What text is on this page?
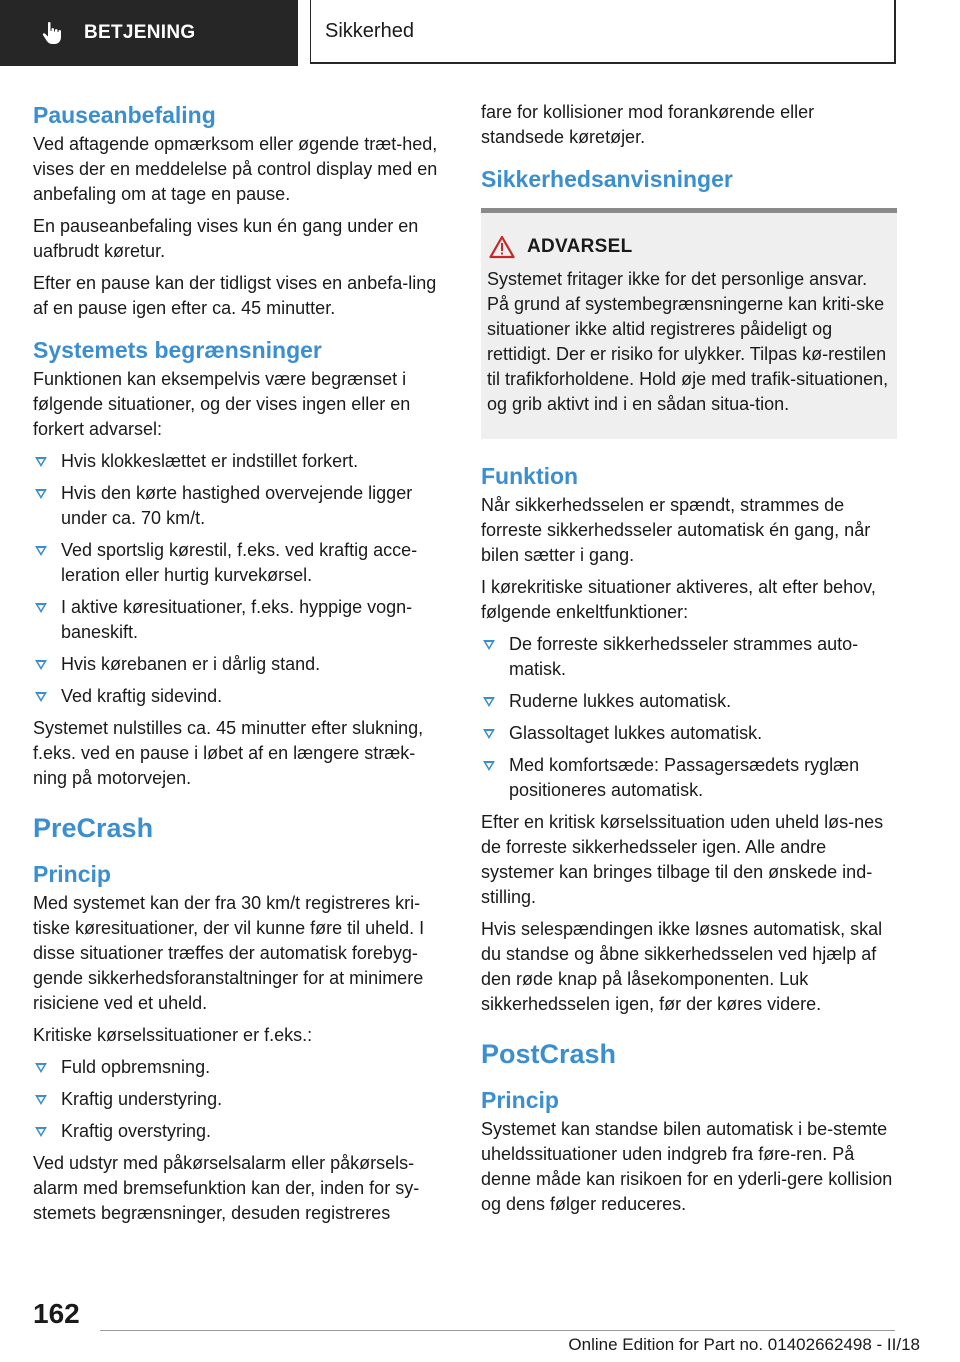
BETJENING	Sikkerhed
Pauseanbefaling

Ved aftagende opmærksom eller øgende træt-hed, vises der en meddelelse på control display med en anbefaling om at tage en pause.

En pauseanbefaling vises kun én gang under en uafbrudt køretur.

Efter en pause kan der tidligst vises en anbefa-ling af en pause igen efter ca. 45 minutter.

Systemets begrænsninger

Funktionen kan eksempelvis være begrænset i følgende situationer, og der vises ingen eller en forkert advarsel:

Hvis klokkeslættet er indstillet forkert.
Hvis den kørte hastighed overvejende ligger under ca. 70 km/t.
Ved sportslig kørestil, f.eks. ved kraftig acce-leration eller hurtig kurvekørsel.
I aktive køresituationer, f.eks. hyppige vogn-baneskift.
Hvis kørebanen er i dårlig stand.
Ved kraftig sidevind.

Systemet nulstilles ca. 45 minutter efter slukning, f.eks. ved en pause i løbet af en længere stræk-ning på motorvejen.

PreCrash
Princip

Med systemet kan der fra 30 km/t registreres kri-tiske køresituationer, der vil kunne føre til uheld. I disse situationer træffes der automatisk forebyg-gende sikkerhedsforanstaltninger for at minimere risiciene ved et uheld.

Kritiske kørselssituationer er f.eks.:

Fuld opbremsning.
Kraftig understyring.
Kraftig overstyring.

Ved udstyr med påkørselsalarm eller påkørsels-alarm med bremsefunktion kan der, inden for sy-stemets begrænsninger, desuden registreres

fare for kollisioner mod forankørende eller standsede køretøjer.

Sikkerhedsanvisninger
ADVARSEL

Systemet fritager ikke for det personlige ansvar. På grund af systembegrænsningerne kan kriti-ske situationer ikke altid registreres påideligt og rettidigt. Der er risiko for ulykker. Tilpas kø-restilen til trafikforholdene. Hold øje med trafik-situationen, og grib aktivt ind i en sådan situa-tion.

Funktion

Når sikkerhedsselen er spændt, strammes de forreste sikkerhedsseler automatisk én gang, når bilen sætter i gang.

I kørekritiske situationer aktiveres, alt efter behov, følgende enkeltfunktioner:

De forreste sikkerhedsseler strammes auto-matisk.
Ruderne lukkes automatisk.
Glassoltaget lukkes automatisk.
Med komfortsæde: Passagersædets ryglæn positioneres automatisk.

Efter en kritisk kørselssituation uden uheld løs-nes de forreste sikkerhedsseler igen. Alle andre systemer kan bringes tilbage til den ønskede ind-stilling.

Hvis selespændingen ikke løsnes automatisk, skal du standse og åbne sikkerhedsselen ved hjælp af den røde knap på låsekomponenten. Luk sikkerhedsselen igen, før der køres videre.

PostCrash
Princip

Systemet kan standse bilen automatisk i be-stemte uheldssituationer uden indgreb fra føre-ren. På denne måde kan risikoen for en yderli-gere kollision og dens følger reduceres.

162
Online Edition for Part no. 01402662498 - II/18
